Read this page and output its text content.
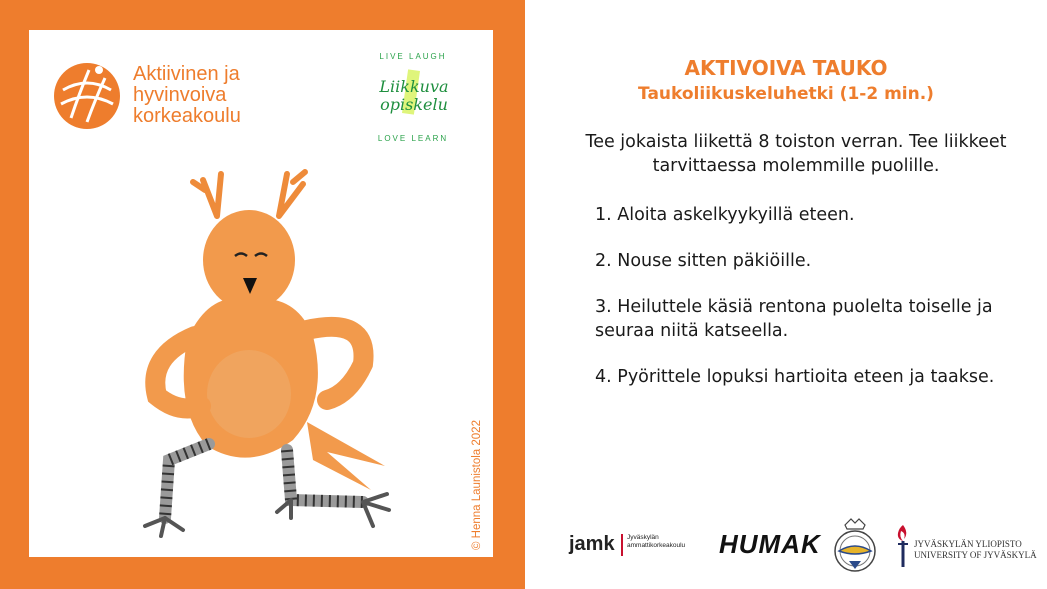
Aktiivinen ja
hyvinvoiva
korkeakoulu
LIVE LAUGH
Liikkuva
opiskelu
LOVE LEARN
© Henna Launistola 2022
AKTIVOIVA TAUKO
Taukoliikuskeluhetki (1-2 min.)
Tee jokaista liikettä 8 toiston verran. Tee liikkeet tarvittaessa molemmille puolille.
1. Aloita askelkyykyillä eteen.
2. Nouse sitten päkiöille.
3. Heiluttele käsiä rentona puolelta toiselle ja seuraa niitä katseella.
4. Pyörittele lopuksi hartioita eteen ja taakse.
jamk Jyväskylän
ammattikorkeakoulu	HUMAK	JYVÄSKYLÄN YLIOPISTO
UNIVERSITY OF JYVÄSKYLÄ
